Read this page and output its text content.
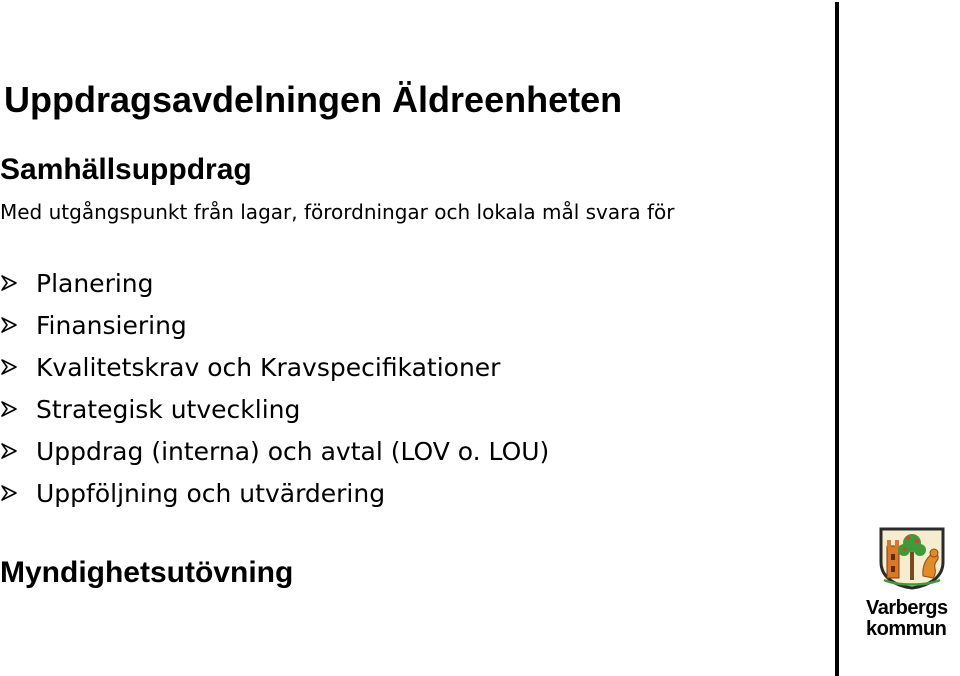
Uppdragsavdelningen Äldreenheten
Samhällsuppdrag

Med utgångspunkt från lagar, förordningar och lokala mål svara för

Planering
Finansiering
Kvalitetskrav och Kravspecifikationer
Strategisk utveckling
Uppdrag (interna) och avtal (LOV o. LOU)
Uppföljning och utvärdering
Myndighetsutövning
Varbergs
kommun
